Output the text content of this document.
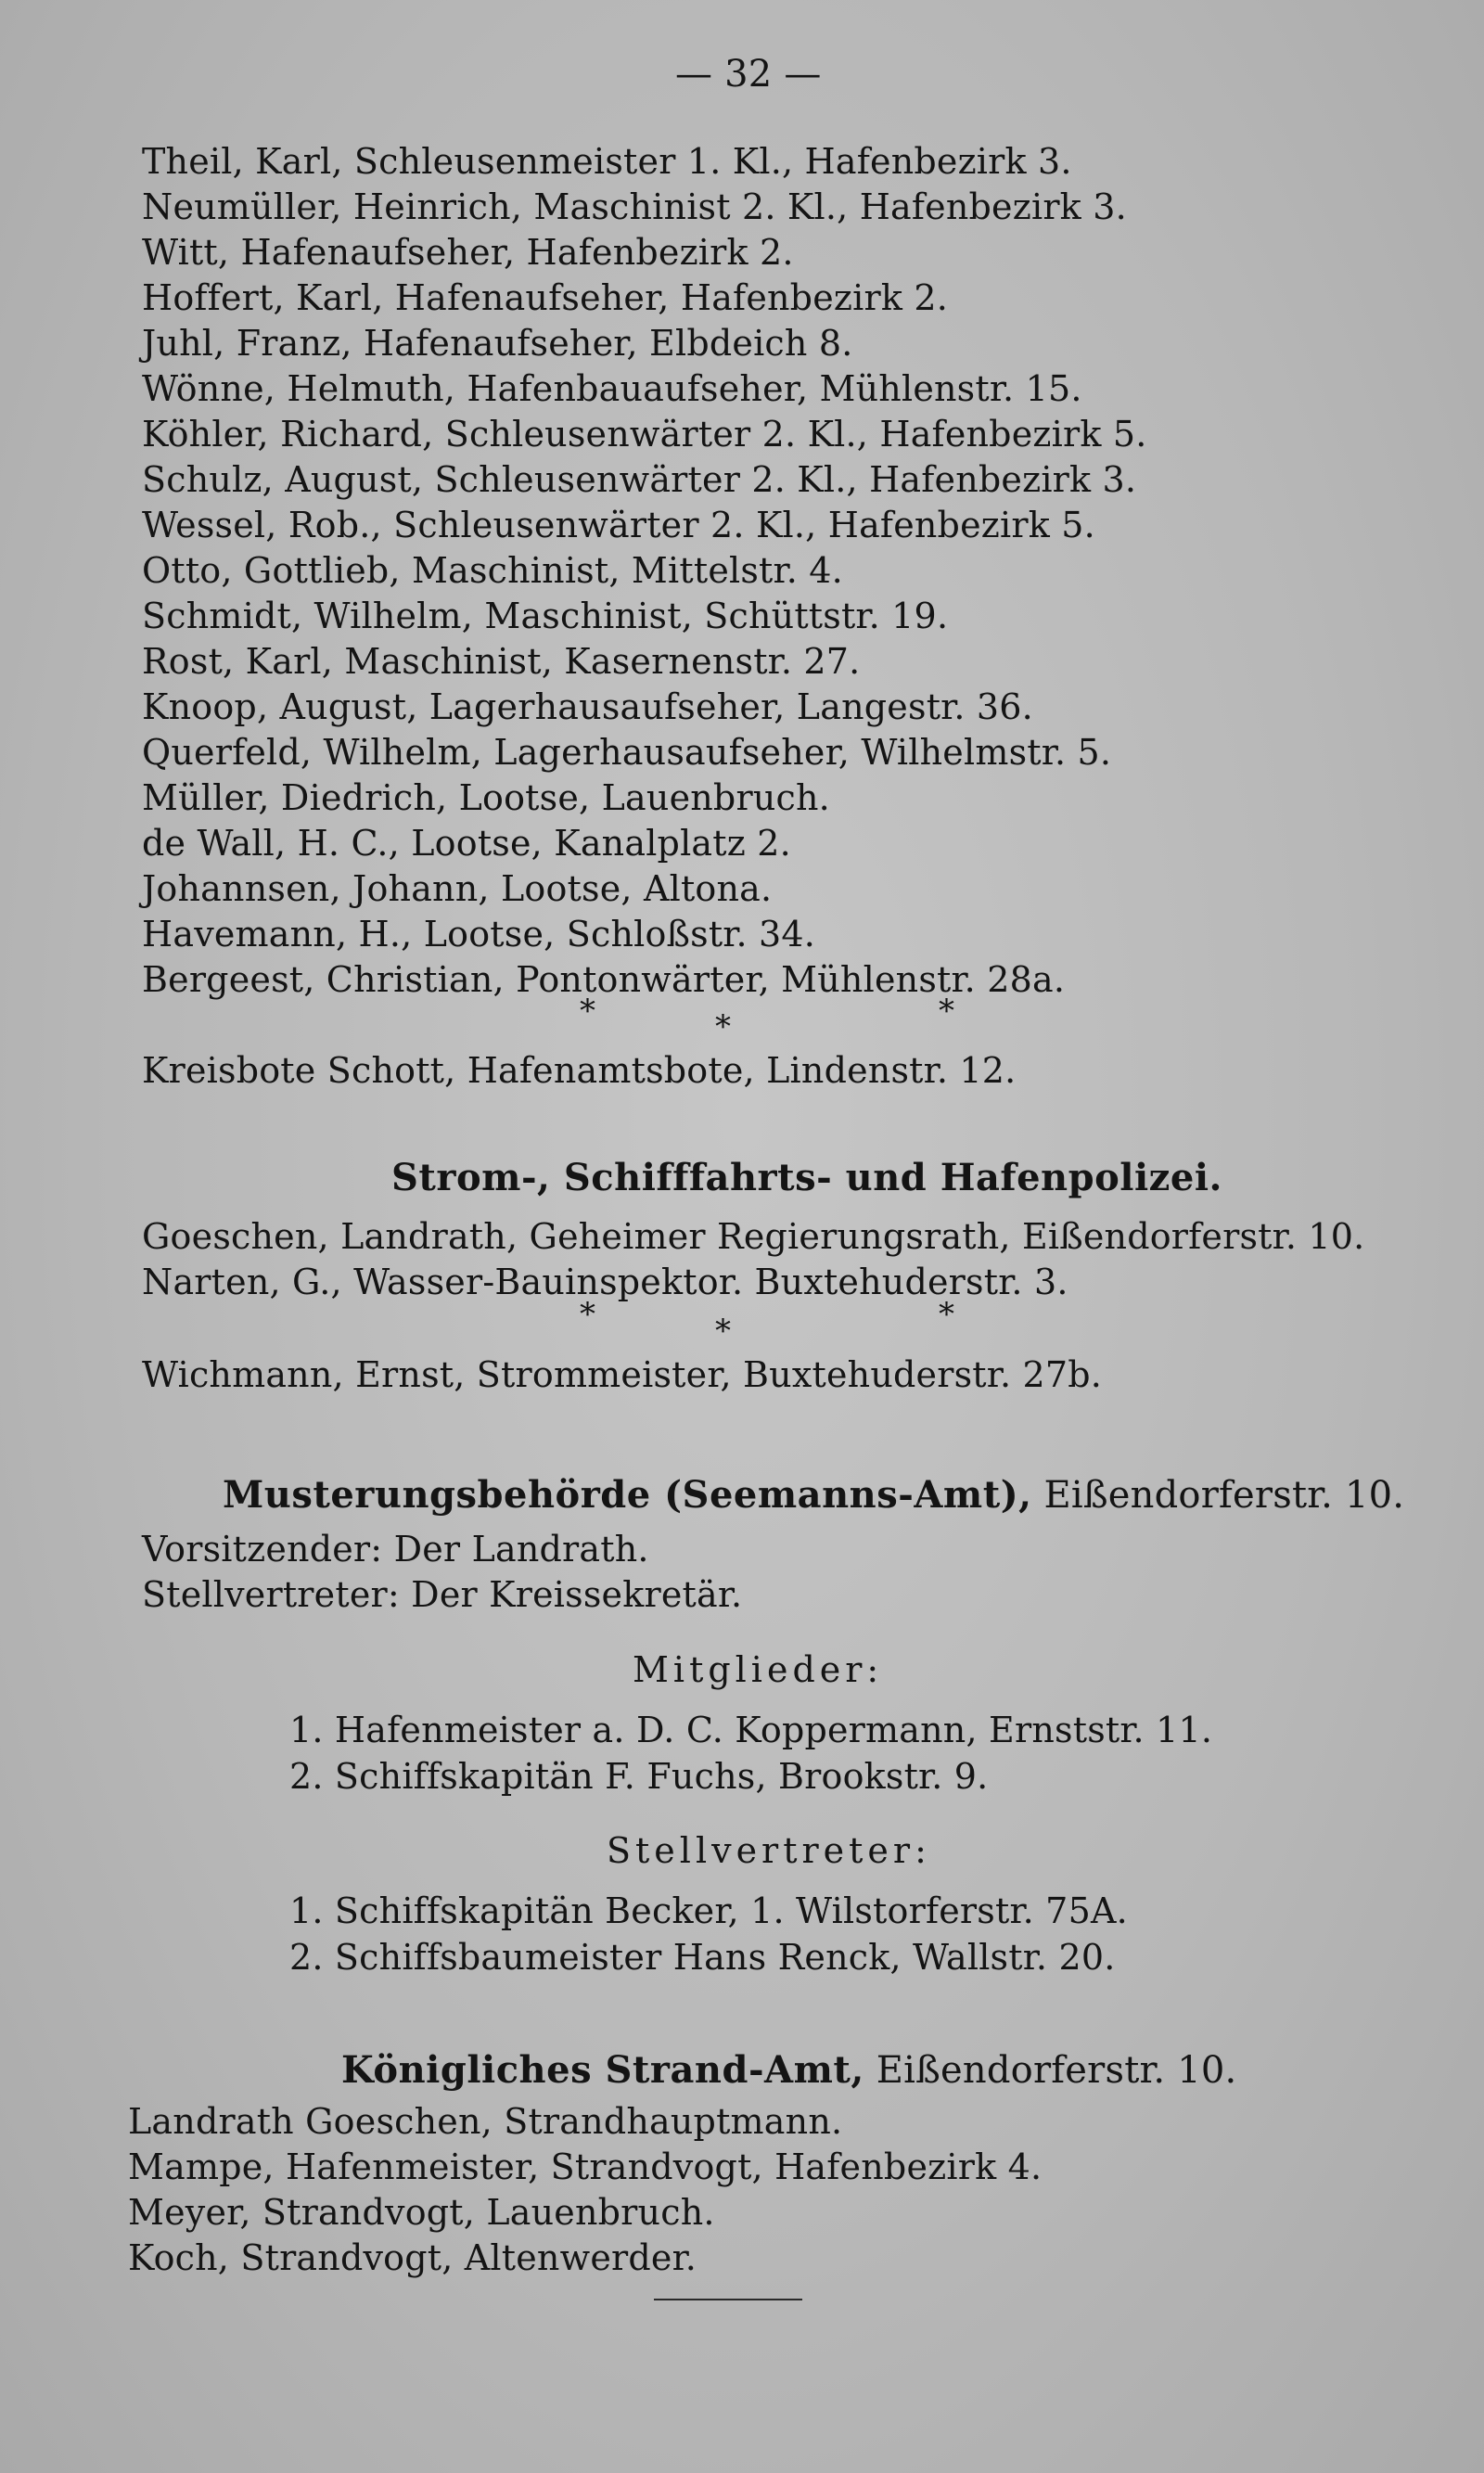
— 32 —
Theil, Karl, Schleusenmeister 1. Kl., Hafenbezirk 3.
Neumüller, Heinrich, Maschinist 2. Kl., Hafenbezirk 3.
Witt, Hafenaufseher, Hafenbezirk 2.
Hoffert, Karl, Hafenaufseher, Hafenbezirk 2.
Juhl, Franz, Hafenaufseher, Elbdeich 8.
Wönne, Helmuth, Hafenbauaufseher, Mühlenstr. 15.
Köhler, Richard, Schleusenwärter 2. Kl., Hafenbezirk 5.
Schulz, August, Schleusenwärter 2. Kl., Hafenbezirk 3.
Wessel, Rob., Schleusenwärter 2. Kl., Hafenbezirk 5.
Otto, Gottlieb, Maschinist, Mittelstr. 4.
Schmidt, Wilhelm, Maschinist, Schüttstr. 19.
Rost, Karl, Maschinist, Kasernenstr. 27.
Knoop, August, Lagerhausaufseher, Langestr. 36.
Querfeld, Wilhelm, Lagerhausaufseher, Wilhelmstr. 5.
Müller, Diedrich, Lootse, Lauenbruch.
de Wall, H. C., Lootse, Kanalplatz 2.
Johannsen, Johann, Lootse, Altona.
Havemann, H., Lootse, Schloßstr. 34.
Bergeest, Christian, Pontonwärter, Mühlenstr. 28a.
*	*	*
Kreisbote Schott, Hafenamtsbote, Lindenstr. 12.
Strom-, Schifffahrts- und Hafenpolizei.
Goeschen, Landrath, Geheimer Regierungsrath, Eißendorferstr. 10.
Narten, G., Wasser-Bauinspektor. Buxtehuderstr. 3.
*	*	*
Wichmann, Ernst, Strommeister, Buxtehuderstr. 27b.
Musterungsbehörde (Seemanns-Amt), Eißendorferstr. 10.
Vorsitzender: Der Landrath.
Stellvertreter: Der Kreissekretär.
Mitglieder:
1. Hafenmeister a. D. C. Koppermann, Ernststr. 11.
2. Schiffskapitän F. Fuchs, Brookstr. 9.
Stellvertreter:
1. Schiffskapitän Becker, 1. Wilstorferstr. 75A.
2. Schiffsbaumeister Hans Renck, Wallstr. 20.
Königliches Strand-Amt, Eißendorferstr. 10.
Landrath Goeschen, Strandhauptmann.
Mampe, Hafenmeister, Strandvogt, Hafenbezirk 4.
Meyer, Strandvogt, Lauenbruch.
Koch, Strandvogt, Altenwerder.
